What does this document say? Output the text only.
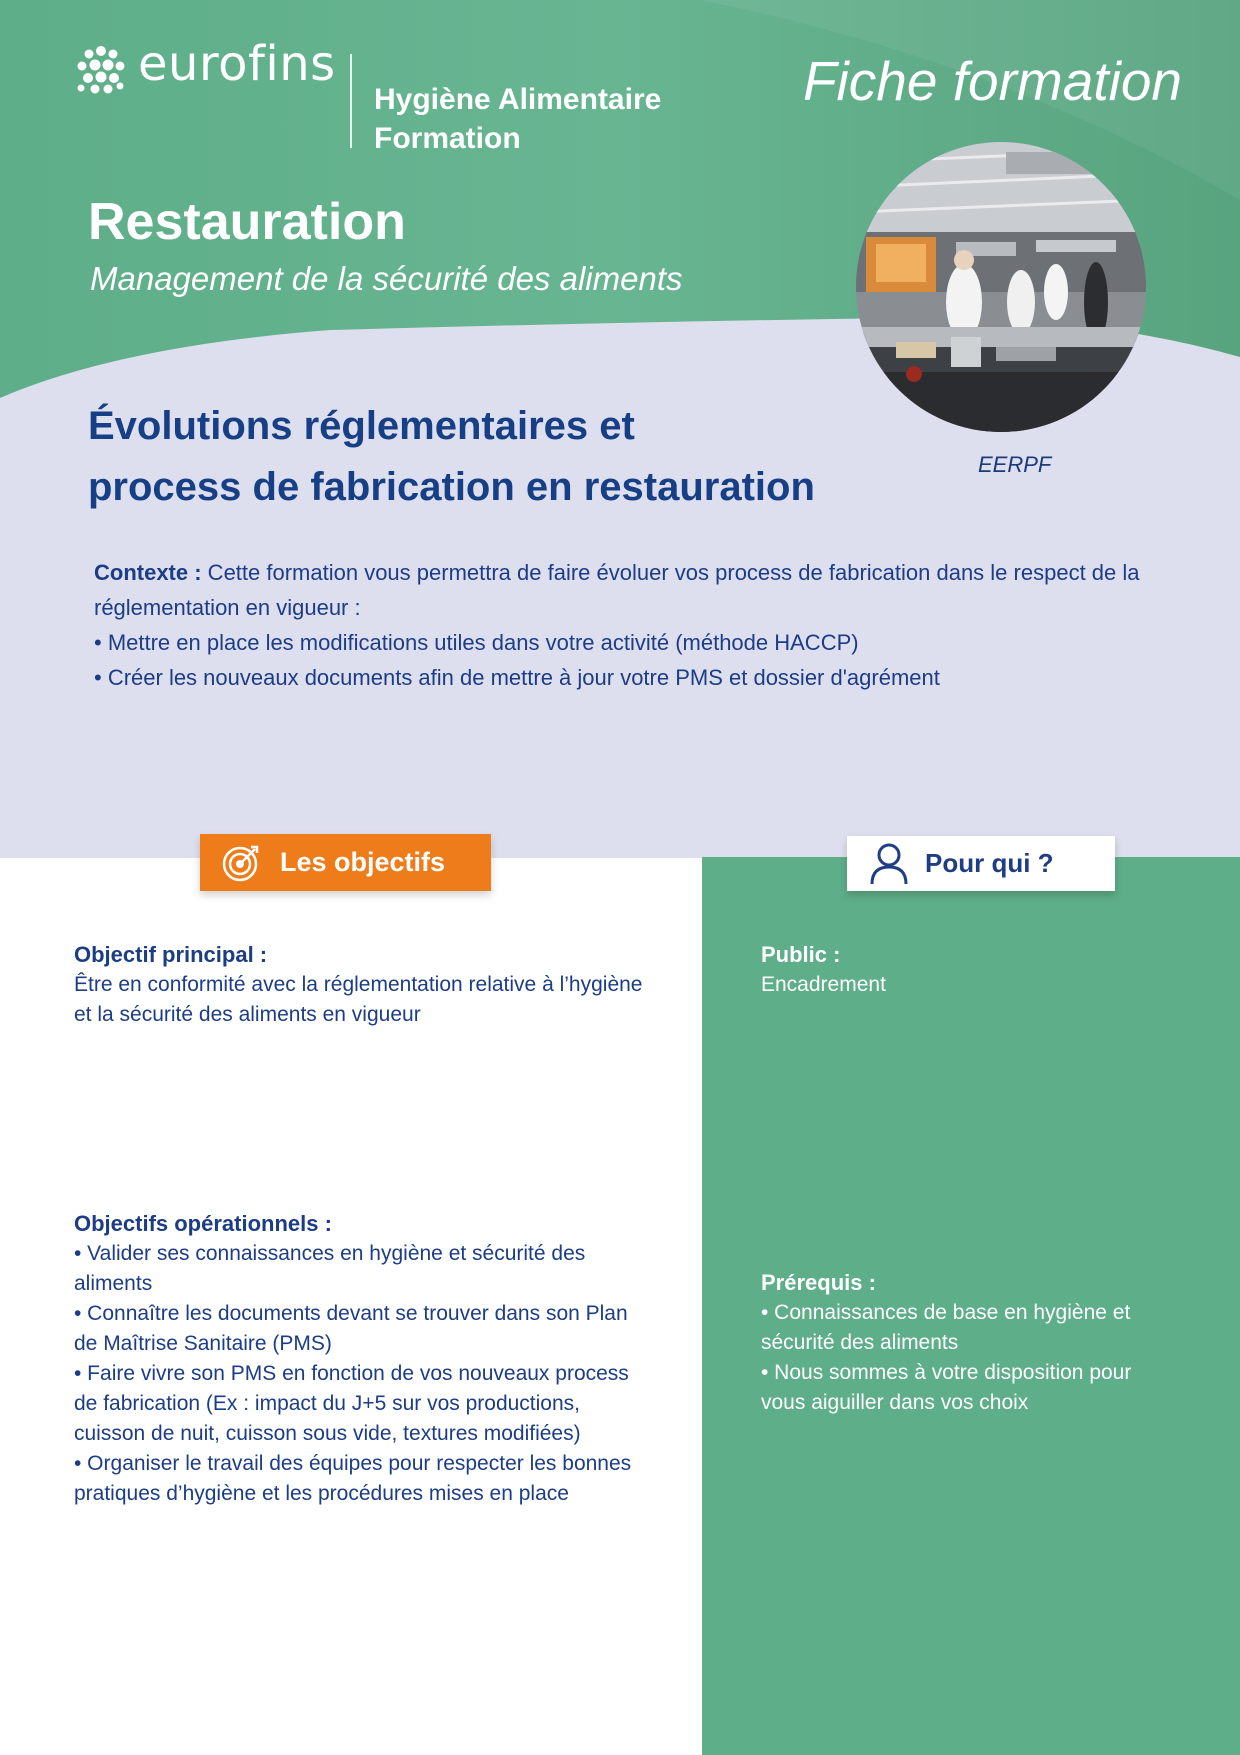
eurofins
Hygiène Alimentaire
Formation
Fiche formation
Restauration
Management de la sécurité des aliments
EERPF
Évolutions réglementaires et
process de fabrication en restauration

Contexte : Cette formation vous permettra de faire évoluer vos process de fabrication dans le respect de la réglementation en vigueur :

• Mettre en place les modifications utiles dans votre activité (méthode HACCP)

• Créer les nouveaux documents afin de mettre à jour votre PMS et dossier d'agrément

Les objectifs	Pour qui ?
Objectif principal :
Être en conformité avec la réglementation relative à l’hygiène et la sécurité des aliments en vigueur
Objectifs opérationnels :

• Valider ses connaissances en hygiène et sécurité des aliments

• Connaître les documents devant se trouver dans son Plan de Maîtrise Sanitaire (PMS)

• Faire vivre son PMS en fonction de vos nouveaux process de fabrication (Ex : impact du J+5 sur vos productions, cuisson de nuit, cuisson sous vide, textures modifiées)

• Organiser le travail des équipes pour respecter les bonnes pratiques d’hygiène et les procédures mises en place

Public :
Encadrement
Prérequis :

• Connaissances de base en hygiène et sécurité des aliments

• Nous sommes à votre disposition pour vous aiguiller dans vos choix
